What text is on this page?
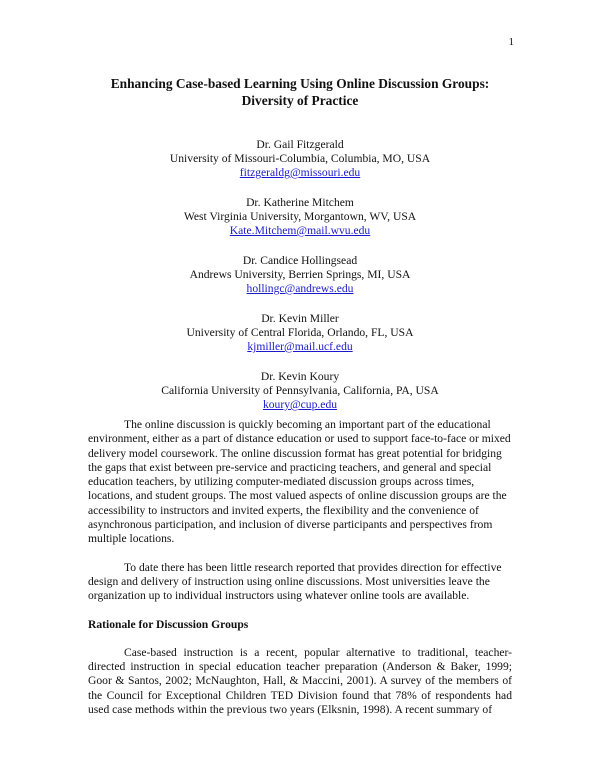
1
Enhancing Case-based Learning Using Online Discussion Groups:
Diversity of Practice
Dr. Gail Fitzgerald
University of Missouri-Columbia, Columbia, MO, USA
fitzgeraldg@missouri.edu
Dr. Katherine Mitchem
West Virginia University, Morgantown, WV, USA
Kate.Mitchem@mail.wvu.edu
Dr. Candice Hollingsead
Andrews University, Berrien Springs, MI, USA
hollingc@andrews.edu
Dr. Kevin Miller
University of Central Florida, Orlando, FL, USA
kjmiller@mail.ucf.edu
Dr. Kevin Koury
California University of Pennsylvania, California, PA, USA
koury@cup.edu

The online discussion is quickly becoming an important part of the educational environment, either as a part of distance education or used to support face-to-face or mixed delivery model coursework. The online discussion format has great potential for bridging the gaps that exist between pre-service and practicing teachers, and general and special education teachers, by utilizing computer-mediated discussion groups across times, locations, and student groups. The most valued aspects of online discussion groups are the accessibility to instructors and invited experts, the flexibility and the convenience of asynchronous participation, and inclusion of diverse participants and perspectives from multiple locations.

To date there has been little research reported that provides direction for effective design and delivery of instruction using online discussions. Most universities leave the organization up to individual instructors using whatever online tools are available.

Rationale for Discussion Groups

Case-based instruction is a recent, popular alternative to traditional, teacher-directed instruction in special education teacher preparation (Anderson & Baker, 1999; Goor & Santos, 2002; McNaughton, Hall, & Maccini, 2001). A survey of the members of the Council for Exceptional Children TED Division found that 78% of respondents had used case methods within the previous two years (Elksnin, 1998). A recent summary of
